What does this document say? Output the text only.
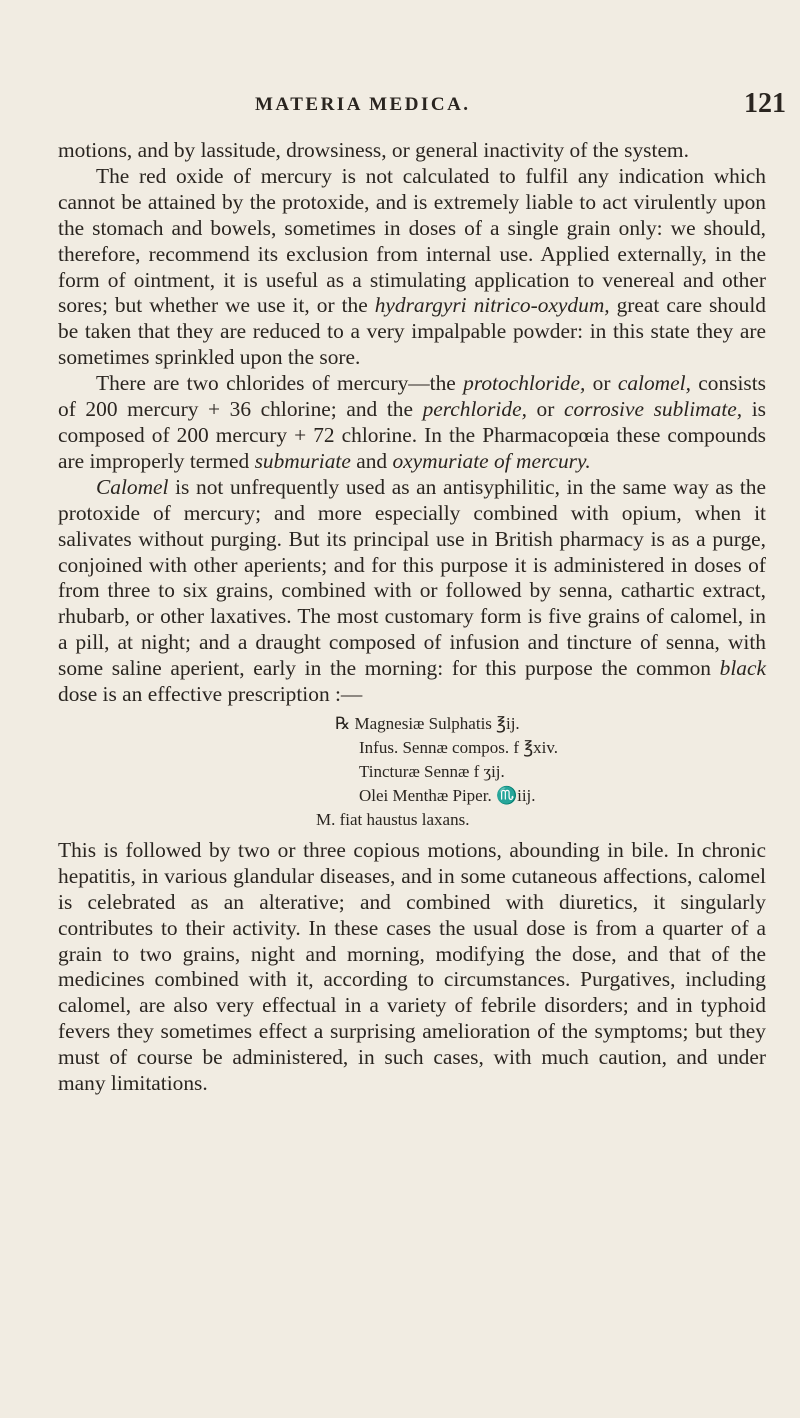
MATERIA MEDICA.	121

motions, and by lassitude, drowsiness, or general inactivity of the system.

The red oxide of mercury is not calculated to fulfil any indication which cannot be attained by the protoxide, and is extremely liable to act virulently upon the stomach and bowels, sometimes in doses of a single grain only: we should, therefore, recommend its exclusion from internal use. Applied externally, in the form of ointment, it is useful as a stimulating application to venereal and other sores; but whether we use it, or the hydrargyri nitrico-oxydum, great care should be taken that they are reduced to a very impalpable powder: in this state they are sometimes sprinkled upon the sore.

There are two chlorides of mercury—the protochloride, or calomel, consists of 200 mercury + 36 chlorine; and the perchloride, or corrosive sublimate, is composed of 200 mercury + 72 chlorine. In the Pharmacopœia these compounds are improperly termed submuriate and oxymuriate of mercury.

Calomel is not unfrequently used as an antisyphilitic, in the same way as the protoxide of mercury; and more especially combined with opium, when it salivates without purging. But its principal use in British pharmacy is as a purge, conjoined with other aperients; and for this purpose it is administered in doses of from three to six grains, combined with or followed by senna, cathartic extract, rhubarb, or other laxatives. The most customary form is five grains of calomel, in a pill, at night; and a draught composed of infusion and tincture of senna, with some saline aperient, early in the morning: for this purpose the common black dose is an effective prescription :—

℞ Magnesiæ Sulphatis ℥ij.
Infus. Sennæ compos. f ℥xiv.
Tincturæ Sennæ f ʒij.
Olei Menthæ Piper. ♏iij.
M. fiat haustus laxans.

This is followed by two or three copious motions, abounding in bile. In chronic hepatitis, in various glandular diseases, and in some cutaneous affections, calomel is celebrated as an alterative; and combined with diuretics, it singularly contributes to their activity. In these cases the usual dose is from a quarter of a grain to two grains, night and morning, modifying the dose, and that of the medicines combined with it, according to circumstances. Purgatives, including calomel, are also very effectual in a variety of febrile disorders; and in typhoid fevers they sometimes effect a surprising amelioration of the symptoms; but they must of course be administered, in such cases, with much caution, and under many limitations.
